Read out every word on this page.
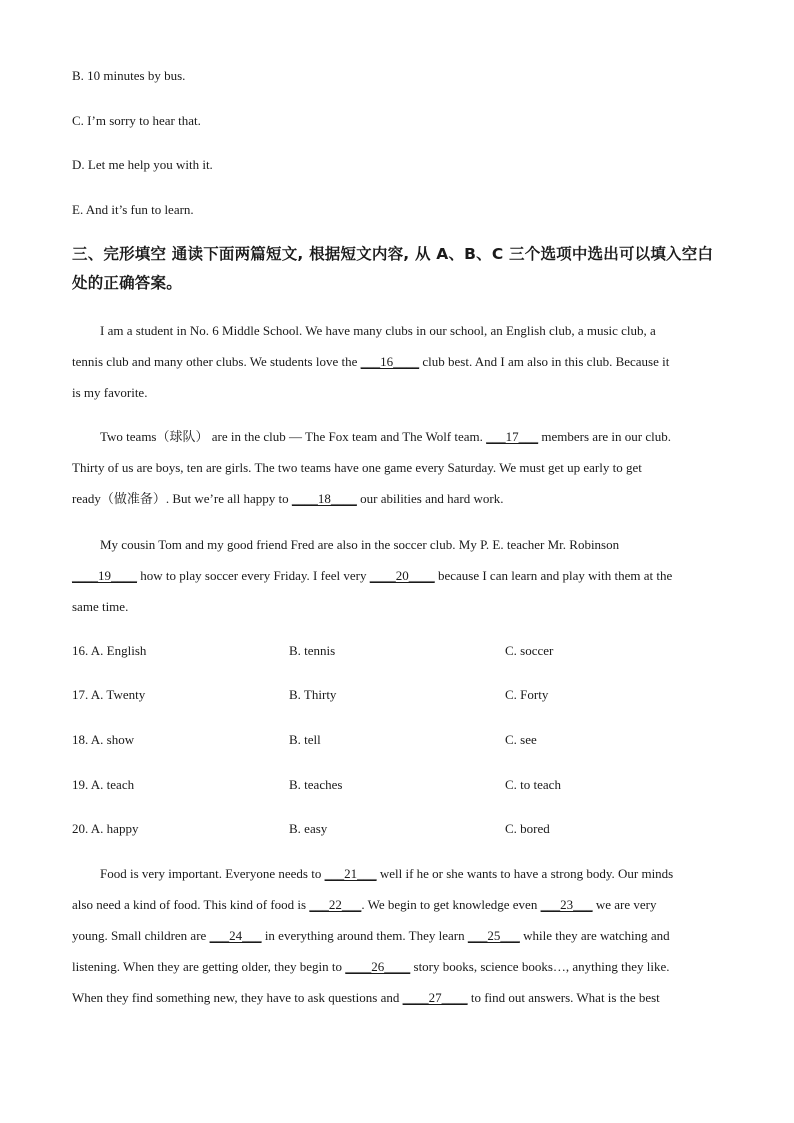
B. 10 minutes by bus.
C. I’m sorry to hear that.
D. Let me help you with it.
E. And it’s fun to learn.
三、完形填空 通读下面两篇短文, 根据短文内容, 从 A、B、C 三个选项中选出可以填入空白
处的正确答案。
I am a student in No. 6 Middle School. We have many clubs in our school, an English club, a music club, a
tennis club and many other clubs. We students love the ___16____ club best. And I am also in this club. Because it
is my favorite.
Two teams（球队） are in the club — The Fox team and The Wolf team. ___17___ members are in our club.
Thirty of us are boys, ten are girls. The two teams have one game every Saturday. We must get up early to get
ready（做准备）. But we’re all happy to ____18____ our abilities and hard work.
My cousin Tom and my good friend Fred are also in the soccer club. My P. E. teacher Mr. Robinson
____19____ how to play soccer every Friday. I feel very ____20____ because I can learn and play with them at the
same time.
16. A. English	B. tennis	C. soccer
17. A. Twenty	B. Thirty	C. Forty
18. A. show	B. tell	C. see
19. A. teach	B. teaches	C. to teach
20. A. happy	B. easy	C. bored
Food is very important. Everyone needs to ___21___ well if he or she wants to have a strong body. Our minds
also need a kind of food. This kind of food is ___22___. We begin to get knowledge even ___23___ we are very
young. Small children are ___24___ in everything around them. They learn ___25___ while they are watching and
listening. When they are getting older, they begin to ____26____ story books, science books…, anything they like.
When they find something new, they have to ask questions and ____27____ to find out answers. What is the best
